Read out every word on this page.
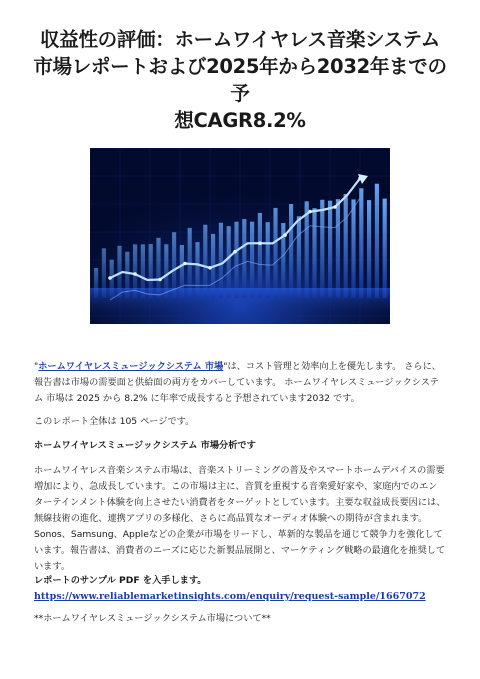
収益性の評価：ホームワイヤレス音楽システム
市場レポートおよび2025年から2032年までの予
想CAGR8.2%

"ホームワイヤレスミュージックシステム 市場"は、コスト管理と効率向上を優先します。 さらに、報告書は市場の需要面と供給面の両方をカバーしています。 ホームワイヤレスミュージックシステム 市場は 2025 から 8.2% に年率で成長すると予想されています2032 です。

このレポート全体は 105 ページです。

ホームワイヤレスミュージックシステム 市場分析です

ホームワイヤレス音楽システム市場は、音楽ストリーミングの普及やスマートホームデバイスの需要増加により、急成長しています。この市場は主に、音質を重視する音楽愛好家や、家庭内でのエンターテインメント体験を向上させたい消費者をターゲットとしています。主要な収益成長要因には、無線技術の進化、連携アプリの多様化、さらに高品質なオーディオ体験への期待が含まれます。Sonos、Samsung、Appleなどの企業が市場をリードし、革新的な製品を通じて競争力を強化しています。報告書は、消費者のニーズに応じた新製品展開と、マーケティング戦略の最適化を推奨しています。

レポートのサンプル PDF を入手します。 https://www.reliablemarketinsights.com/enquiry/request-sample/1667072

**ホームワイヤレスミュージックシステム市場について**
